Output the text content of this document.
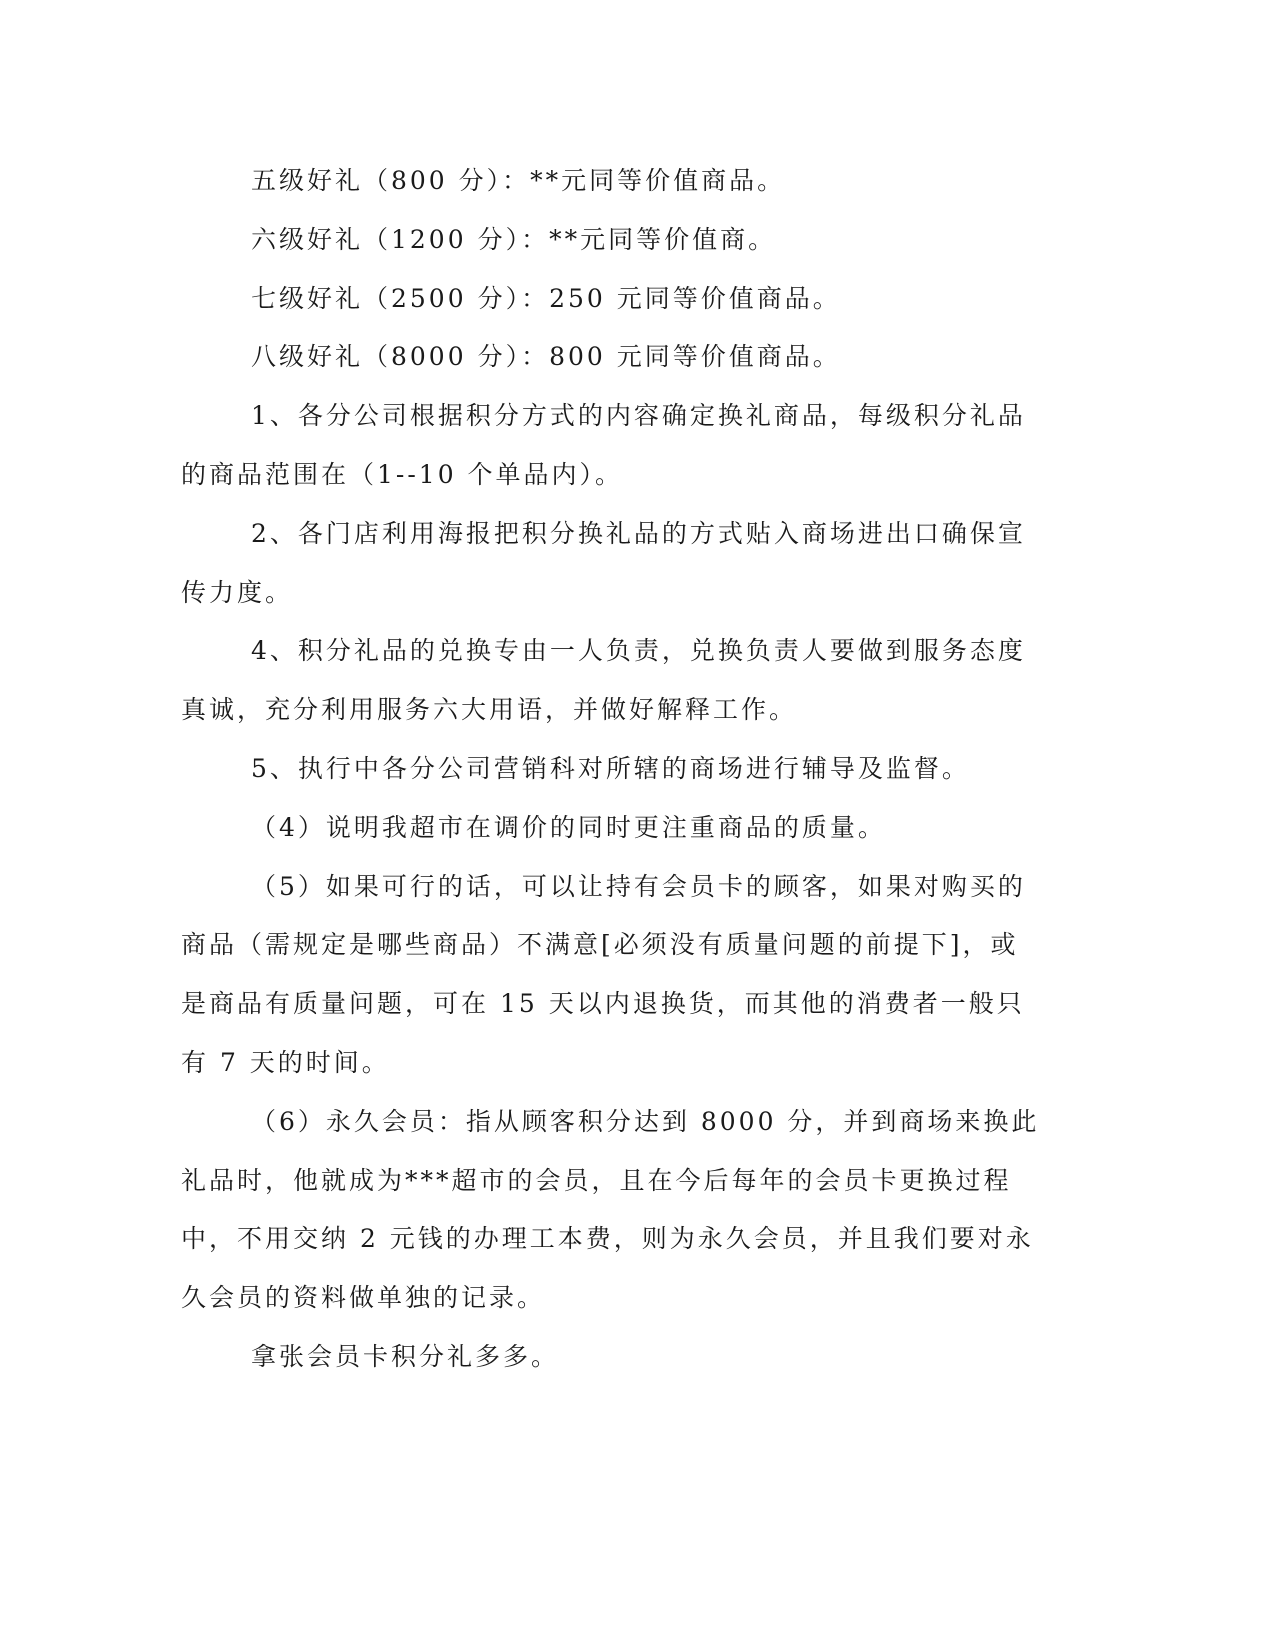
五级好礼（800 分）：**元同等价值商品。

六级好礼（1200 分）：**元同等价值商。

七级好礼（2500 分）：250 元同等价值商品。

八级好礼（8000 分）：800 元同等价值商品。

1、各分公司根据积分方式的内容确定换礼商品，每级积分礼品的商品范围在（1--10 个单品内）。

2、各门店利用海报把积分换礼品的方式贴入商场进出口确保宣传力度。

4、积分礼品的兑换专由一人负责，兑换负责人要做到服务态度真诚，充分利用服务六大用语，并做好解释工作。

5、执行中各分公司营销科对所辖的商场进行辅导及监督。

（4）说明我超市在调价的同时更注重商品的质量。

（5）如果可行的话，可以让持有会员卡的顾客，如果对购买的商品（需规定是哪些商品）不满意[必须没有质量问题的前提下]，或是商品有质量问题，可在 15 天以内退换货，而其他的消费者一般只有 7 天的时间。

（6）永久会员：指从顾客积分达到 8000 分，并到商场来换此礼品时，他就成为***超市的会员，且在今后每年的会员卡更换过程中，不用交纳 2 元钱的办理工本费，则为永久会员，并且我们要对永久会员的资料做单独的记录。

拿张会员卡积分礼多多。
